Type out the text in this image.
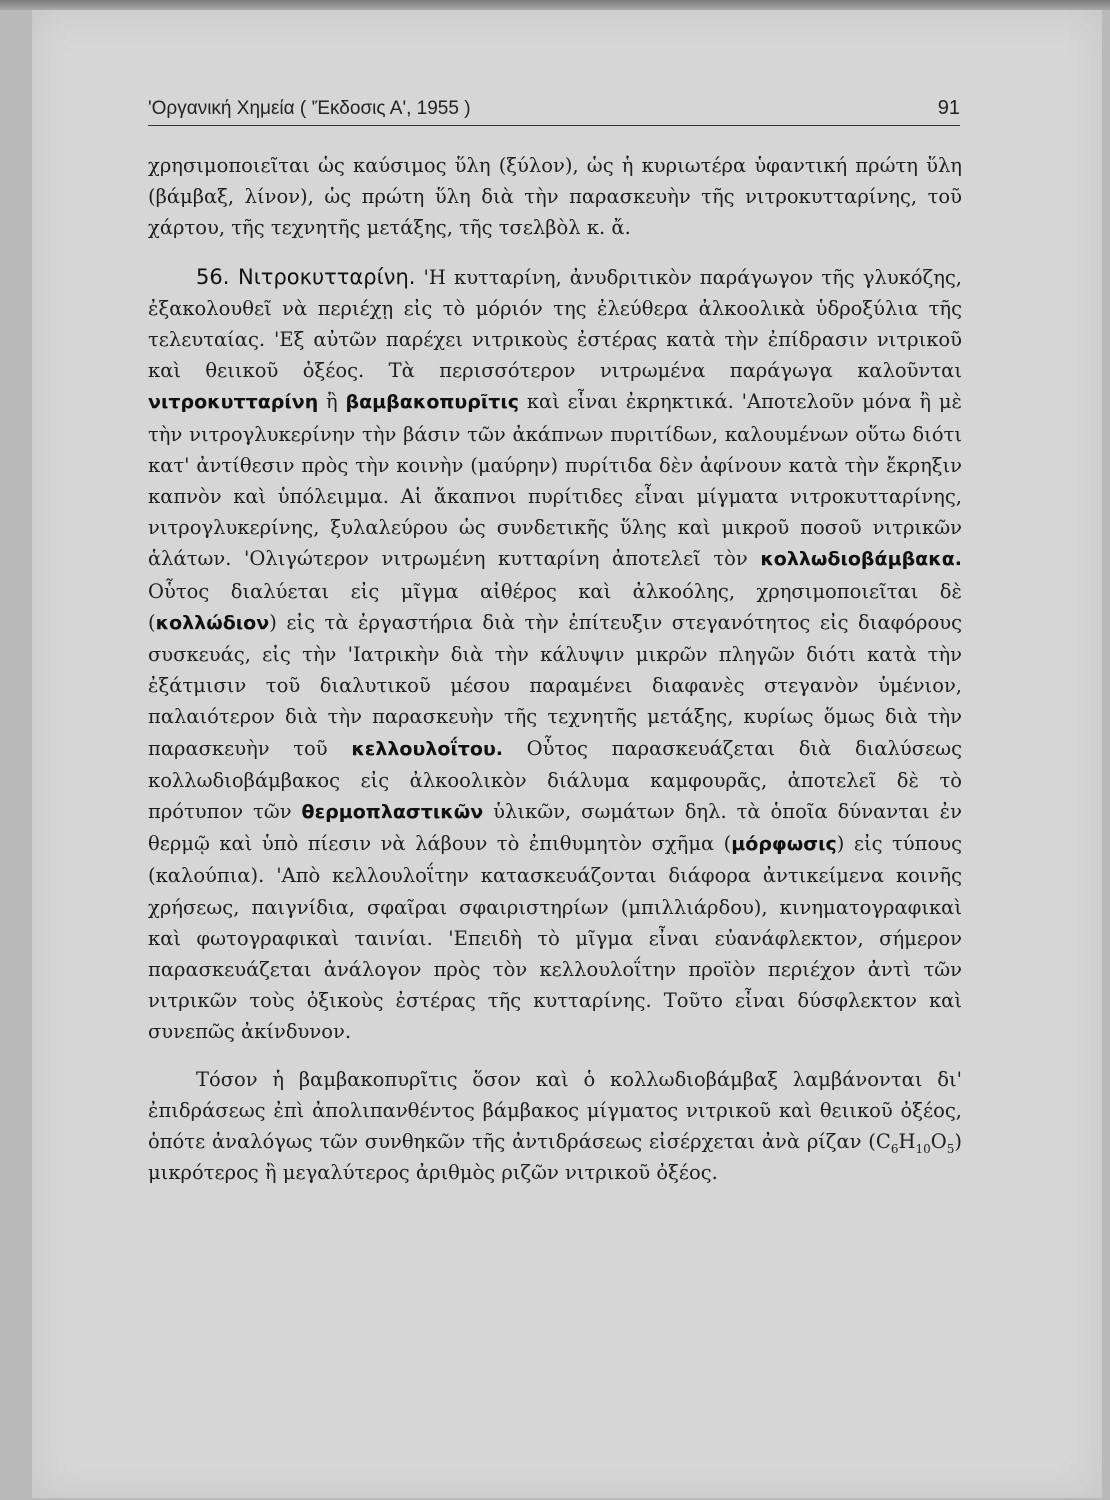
'Οργανική Χημεία ( 'Έκδοσις Α', 1955 )	91

χρησιμοποιεῖται ὡς καύσιμος ὕλη (ξύλον), ὡς ἡ κυριωτέρα ὑφαντική πρώτη ὕλη (βάμβαξ, λίνον), ὡς πρώτη ὕλη διὰ τὴν παρασκευὴν τῆς νιτροκυτταρίνης, τοῦ χάρτου, τῆς τεχνητῆς μετάξης, τῆς τσελβὸλ κ. ἄ.

56. Νιτροκυτταρίνη. 'Η κυτταρίνη, ἀνυδριτικὸν παράγωγον τῆς γλυκόζης, ἐξακολουθεῖ νὰ περιέχῃ εἰς τὸ μόριόν της ἐλεύθερα ἀλκοολικὰ ὑδροξύλια τῆς τελευταίας. 'Εξ αὐτῶν παρέχει νιτρικοὺς ἐστέρας κατὰ τὴν ἐπίδρασιν νιτρικοῦ καὶ θειικοῦ ὀξέος. Τὰ περισσότερον νιτρωμένα παράγωγα καλοῦνται νιτροκυτταρίνη ἢ βαμβακοπυρῖτις καὶ εἶναι ἐκρηκτικά. 'Αποτελοῦν μόνα ἢ μὲ τὴν νιτρογλυκερίνην τὴν βάσιν τῶν ἀκάπνων πυριτίδων, καλουμένων οὕτω διότι κατ' ἀντίθεσιν πρὸς τὴν κοινὴν (μαύρην) πυρίτιδα δὲν ἀφίνουν κατὰ τὴν ἔκρηξιν καπνὸν καὶ ὑπόλειμμα. Αἱ ἄκαπνοι πυρίτιδες εἶναι μίγματα νιτροκυτταρίνης, νιτρογλυκερίνης, ξυλαλεύρου ὡς συνδετικῆς ὕλης καὶ μικροῦ ποσοῦ νιτρικῶν ἁλάτων. 'Ολιγώτερον νιτρωμένη κυτταρίνη ἀποτελεῖ τὸν κολλωδιοβάμβακα. Οὗτος διαλύεται εἰς μῖγμα αἰθέρος καὶ ἀλκοόλης, χρησιμοποιεῖται δὲ (κολλώδιον) εἰς τὰ ἐργαστήρια διὰ τὴν ἐπίτευξιν στεγανότητος εἰς διαφόρους συσκευάς, εἰς τὴν 'Ιατρικὴν διὰ τὴν κάλυψιν μικρῶν πληγῶν διότι κατὰ τὴν ἐξάτμισιν τοῦ διαλυτικοῦ μέσου παραμένει διαφανὲς στεγανὸν ὑμένιον, παλαιότερον διὰ τὴν παρασκευὴν τῆς τεχνητῆς μετάξης, κυρίως ὅμως διὰ τὴν παρασκευὴν τοῦ κελλουλοΐτου. Οὗτος παρασκευάζεται διὰ διαλύσεως κολλωδιοβάμβακος εἰς ἀλκοολικὸν διάλυμα καμφουρᾶς, ἀποτελεῖ δὲ τὸ πρότυπον τῶν θερμοπλαστικῶν ὑλικῶν, σωμάτων δηλ. τὰ ὁποῖα δύνανται ἐν θερμῷ καὶ ὑπὸ πίεσιν νὰ λάβουν τὸ ἐπιθυμητὸν σχῆμα (μόρφωσις) εἰς τύπους (καλούπια). 'Απὸ κελλουλοΐτην κατασκευάζονται διάφορα ἀντικείμενα κοινῆς χρήσεως, παιγνίδια, σφαῖραι σφαιριστηρίων (μπιλλιάρδου), κινηματογραφικαὶ καὶ φωτογραφικαὶ ταινίαι. 'Επειδὴ τὸ μῖγμα εἶναι εὐανάφλεκτον, σήμερον παρασκευάζεται ἀνάλογον πρὸς τὸν κελλουλοΐτην προϊὸν περιέχον ἀντὶ τῶν νιτρικῶν τοὺς ὀξικοὺς ἐστέρας τῆς κυτταρίνης. Τοῦτο εἶναι δύσφλεκτον καὶ συνεπῶς ἀκίνδυνον.

Τόσον ἡ βαμβακοπυρῖτις ὅσον καὶ ὁ κολλωδιοβάμβαξ λαμβάνονται δι' ἐπιδράσεως ἐπὶ ἀπολιπανθέντος βάμβακος μίγματος νιτρικοῦ καὶ θειικοῦ ὀξέος, ὁπότε ἀναλόγως τῶν συνθηκῶν τῆς ἀντιδράσεως εἰσέρχεται ἀνὰ ρίζαν $(C_6H_{10}O_5)$ μικρότερος ἢ μεγαλύτερος ἀριθμὸς ριζῶν νιτρικοῦ ὀξέος.
